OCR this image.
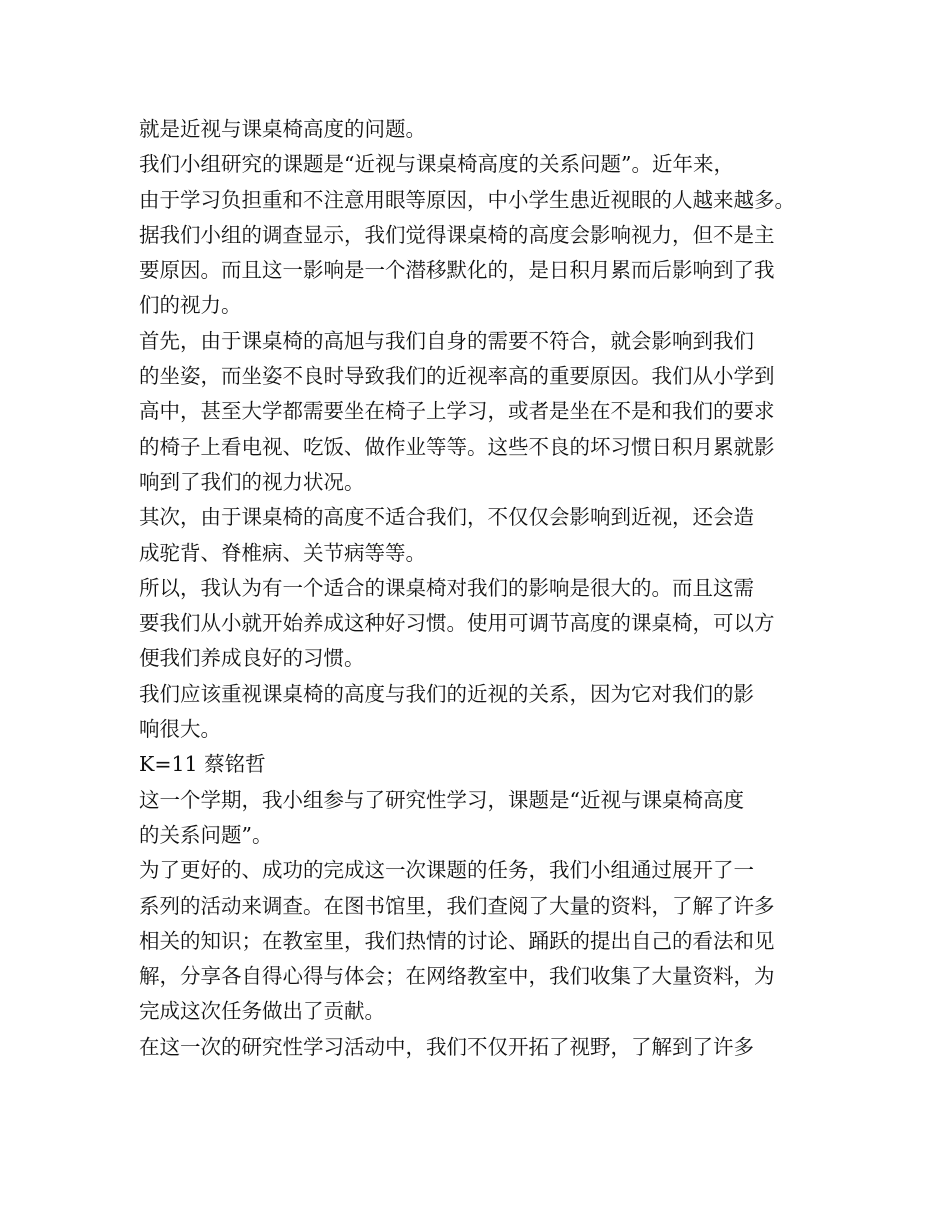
就是近视与课桌椅高度的问题。
我们小组研究的课题是“近视与课桌椅高度的关系问题”。近年来，
由于学习负担重和不注意用眼等原因，中小学生患近视眼的人越来越多。
据我们小组的调查显示，我们觉得课桌椅的高度会影响视力，但不是主
要原因。而且这一影响是一个潜移默化的，是日积月累而后影响到了我
们的视力。
首先，由于课桌椅的高旭与我们自身的需要不符合，就会影响到我们
的坐姿，而坐姿不良时导致我们的近视率高的重要原因。我们从小学到
高中，甚至大学都需要坐在椅子上学习，或者是坐在不是和我们的要求
的椅子上看电视、吃饭、做作业等等。这些不良的坏习惯日积月累就影
响到了我们的视力状况。
其次，由于课桌椅的高度不适合我们，不仅仅会影响到近视，还会造
成驼背、脊椎病、关节病等等。
所以，我认为有一个适合的课桌椅对我们的影响是很大的。而且这需
要我们从小就开始养成这种好习惯。使用可调节高度的课桌椅，可以方
便我们养成良好的习惯。
我们应该重视课桌椅的高度与我们的近视的关系，因为它对我们的影
响很大。
K=11 蔡铭哲
这一个学期，我小组参与了研究性学习，课题是“近视与课桌椅高度
的关系问题”。
为了更好的、成功的完成这一次课题的任务，我们小组通过展开了一
系列的活动来调查。在图书馆里，我们查阅了大量的资料，了解了许多
相关的知识；在教室里，我们热情的讨论、踊跃的提出自己的看法和见
解，分享各自得心得与体会；在网络教室中，我们收集了大量资料，为
完成这次任务做出了贡献。
在这一次的研究性学习活动中，我们不仅开拓了视野，了解到了许多
